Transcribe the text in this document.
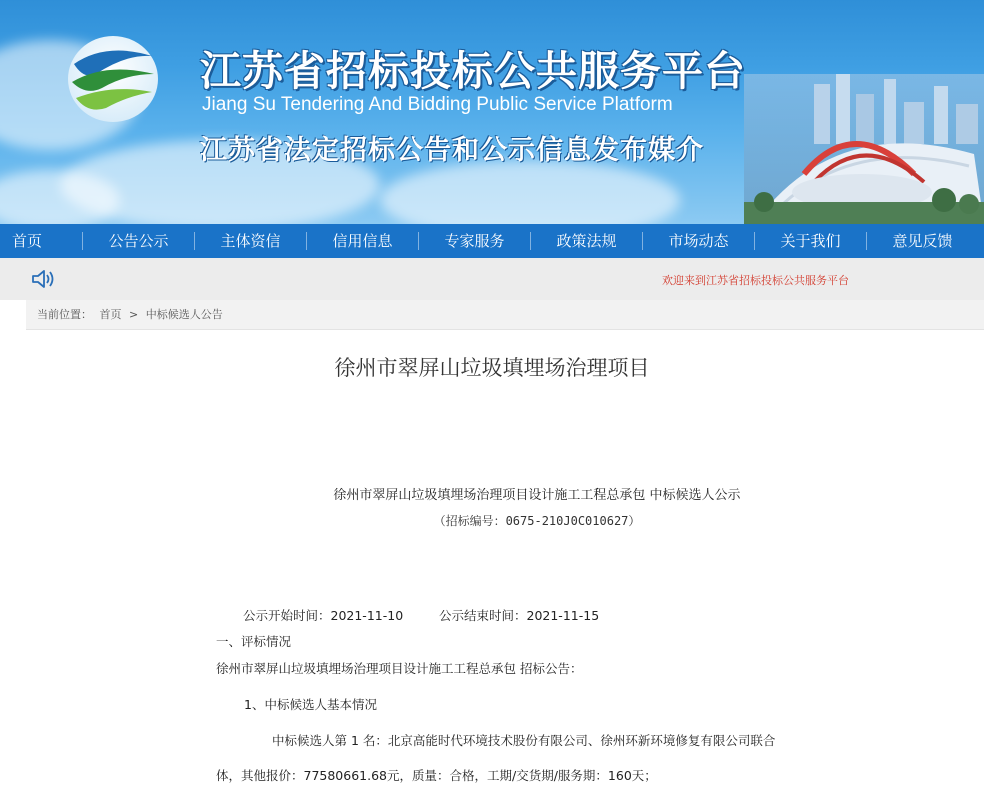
江苏省招标投标公共服务平台
Jiang Su Tendering And Bidding Public Service Platform
江苏省法定招标公告和公示信息发布媒介
首页	公告公示	主体资信	信用信息	专家服务	政策法规	市场动态	关于我们	意见反馈
欢迎来到江苏省招标投标公共服务平台
当前位置： 首页 > 中标候选人公告
徐州市翠屏山垃圾填埋场治理项目
徐州市翠屏山垃圾填埋场治理项目设计施工工程总承包 中标候选人公示
（招标编号：0675-210J0C010627）
公示开始时间：2021-11-10	公示结束时间：2021-11-15
一、评标情况
徐州市翠屏山垃圾填埋场治理项目设计施工工程总承包 招标公告：
1、中标候选人基本情况
中标候选人第 1 名：北京高能时代环境技术股份有限公司、徐州环新环境修复有限公司联合
体，其他报价：77580661.68元，质量：合格，工期/交货期/服务期：160天；
